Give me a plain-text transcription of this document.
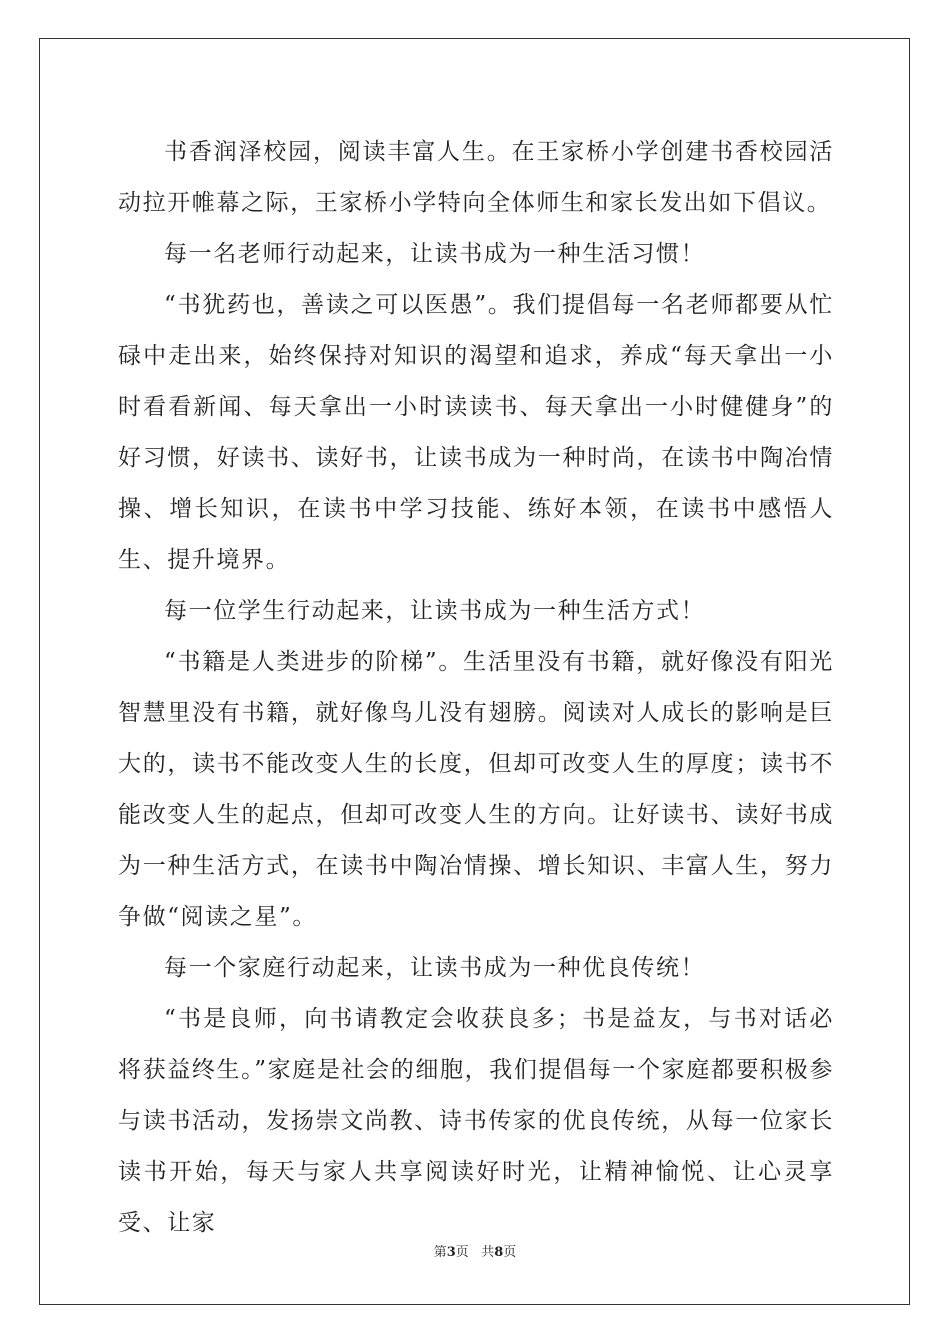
书香润泽校园，阅读丰富人生。在王家桥小学创建书香校园活动拉开帷幕之际，王家桥小学特向全体师生和家长发出如下倡议。

每一名老师行动起来，让读书成为一种生活习惯！

“书犹药也，善读之可以医愚”。我们提倡每一名老师都要从忙碌中走出来，始终保持对知识的渴望和追求，养成“每天拿出一小时看看新闻、每天拿出一小时读读书、每天拿出一小时健健身”的好习惯，好读书、读好书，让读书成为一种时尚，在读书中陶冶情操、增长知识，在读书中学习技能、练好本领，在读书中感悟人生、提升境界。

每一位学生行动起来，让读书成为一种生活方式！

“书籍是人类进步的阶梯”。生活里没有书籍，就好像没有阳光智慧里没有书籍，就好像鸟儿没有翅膀。阅读对人成长的影响是巨大的，读书不能改变人生的长度，但却可改变人生的厚度；读书不能改变人生的起点，但却可改变人生的方向。让好读书、读好书成为一种生活方式，在读书中陶冶情操、增长知识、丰富人生，努力争做“阅读之星”。

每一个家庭行动起来，让读书成为一种优良传统！

“书是良师，向书请教定会收获良多；书是益友，与书对话必将获益终生。”家庭是社会的细胞，我们提倡每一个家庭都要积极参与读书活动，发扬崇文尚教、诗书传家的优良传统，从每一位家长读书开始，每天与家人共享阅读好时光，让精神愉悦、让心灵享受、让家

第3页 共8页
